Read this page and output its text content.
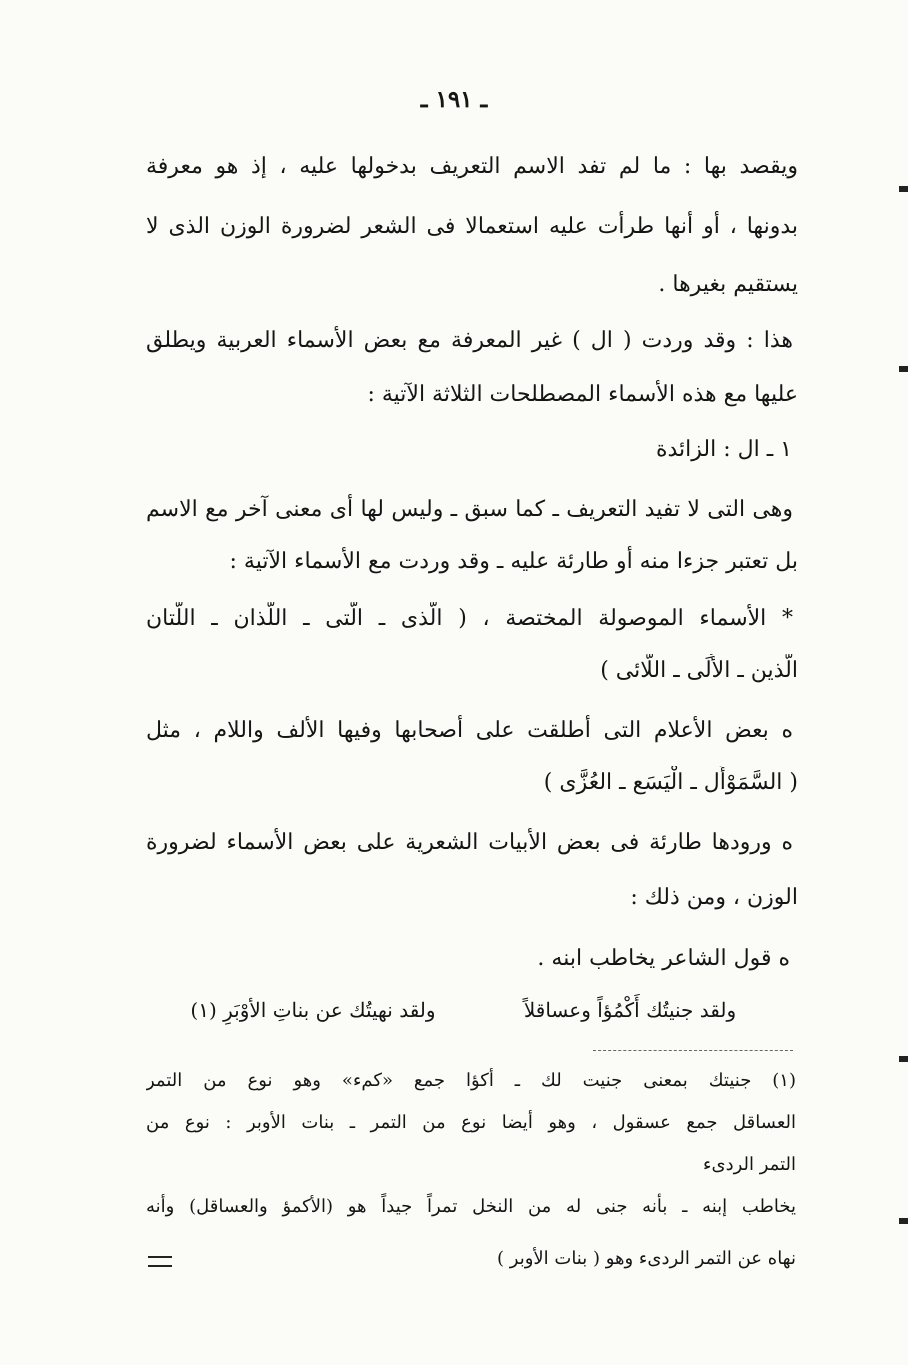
ـ ١٩١ ـ
ويقصد بها : ما لم تفد الاسم التعريف بدخولها عليه ، إذ هو معرفة
بدونها ، أو أنها طرأت عليه استعمالا فى الشعر لضرورة الوزن الذى لا
يستقيم بغيرها .
هذا : وقد وردت ( ال ) غير المعرفة مع بعض الأسماء العربية ويطلق
عليها مع هذه الأسماء المصطلحات الثلاثة الآتية :
١ ـ ال : الزائدة
وهى التى لا تفيد التعريف ـ كما سبق ـ وليس لها أى معنى آخر مع الاسم
بل تعتبر جزءا منه أو طارئة عليه ـ وقد وردت مع الأسماء الآتية :
* الأسماء الموصولة المختصة ، ( الّذى ـ الّتى ـ اللّذان ـ اللّتان
الّذين ـ الأُلَى ـ اللّائى )
ه بعض الأعلام التى أطلقت على أصحابها وفيها الألف واللام ، مثل
( السَّمَوْأَل ـ الْيَسَع ـ العُزَّى )
ه ورودها طارئة فى بعض الأبيات الشعرية على بعض الأسماء لضرورة
الوزن ، ومن ذلك :
ه قول الشاعر يخاطب ابنه .
ولقد جنيتُك أَكْمُؤاً وعساقلاً
ولقد نهيتُك عن بناتِ الأوْبَرِ (١)
(١) جنيتك بمعنى جنيت لك ـ أكؤا جمع «كمء» وهو نوع من التمر
العساقل جمع عسقول ، وهو أيضا نوع من التمر ـ بنات الأوبر : نوع من
التمر الردىء
يخاطب إبنه ـ بأنه جنى له من النخل تمراً جيداً هو (الأكمؤ والعساقل) وأنه
نهاه عن التمر الردىء وهو ( بنات الأوبر )
